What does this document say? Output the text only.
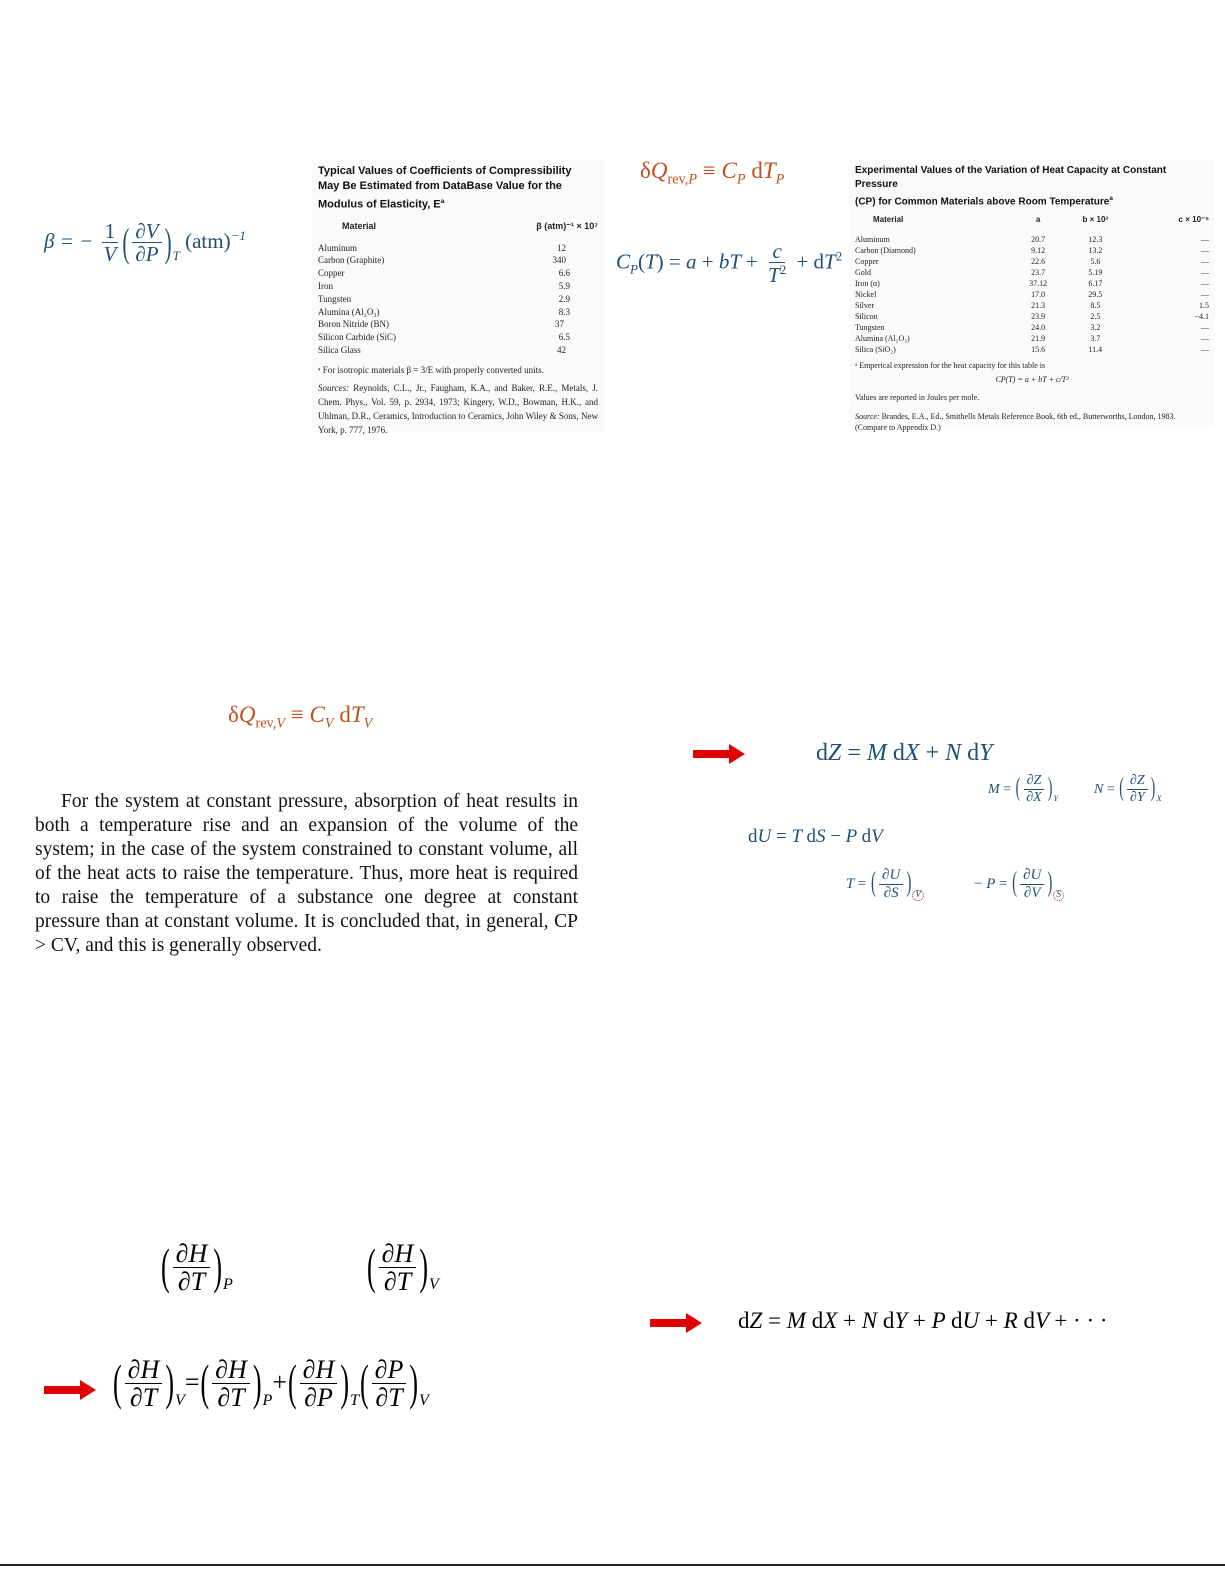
β = − $\frac{1}{V}$ ( $\frac{\partial V}{\partial P} )_T$ (atm)$^{-1}$
Typical Values of Coefficients of Compressibility
May Be Estimated from DataBase Value for the
Modulus of Elasticity, $E^a$
Material	β (atm)⁻¹ × 10⁷
Aluminum	12
Carbon (Graphite)	340
Copper	6.6
Iron	5.9
Tungsten	2.9
Alumina (Al₂O₃)	8.3
Boron Nitride (BN)	37
Silicon Carbide (SiC)	6.5
Silica Glass	42
ᵃ For isotropic materials β = 3/E with properly converted units.
Sources: Reynolds, C.L., Jr., Faugham, K.A., and Baker, R.E., Metals, J. Chem. Phys., Vol. 59, p. 2934, 1973; Kingery, W.D., Bowman, H.K., and Uhlman, D.R., Ceramics, Introduction to Ceramics, John Wiley & Sons, New York, p. 777, 1976.
$\delta Q_{rev,P} \equiv C_P$ $dT_P$
$C_P(T) = a$ + bT + $\frac{c}{T^2} + dT^2$
Experimental Values of the Variation of Heat Capacity at Constant Pressure
(CP) for Common Materials above Room Temperature$^a$
Material	a	b × 10³	c × 10⁻⁵
Aluminum	20.7	12.3	—
Carbon (Diamond)	9.12	13.2	—
Copper	22.6	5.6	—
Gold	23.7	5.19	—
Iron (α)	37.12	6.17	—
Nickel	17.0	29.5	—
Silver	21.3	8.5	1.5
Silicon	23.9	2.5	−4.1
Tungsten	24.0	3.2	—
Alumina (Al₂O₃)	21.9	3.7	—
Silica (SiO₂)	15.6	11.4	—
ᵃ Emperical expression for the heat capacity for this table is
CP(T) = a + bT + c/T²
Values are reported in Joules per mole.
Source: Brandes, E.A., Ed., Smithells Metals Reference Book, 6th ed., Butterworths, London, 1983. (Compare to Appendix D.)
$\delta Q_{rev,V} \equiv C_V$ $dT_V$
For the system at constant pressure, absorption of heat results in both a temperature rise and an expansion of the volume of the system; in the case of the system constrained to constant volume, all of the heat acts to raise the temperature. Thus, more heat is required to raise the temperature of a substance one degree at constant pressure than at constant volume. It is concluded that, in general, CP > CV, and this is generally observed.
dZ = M dX + N dY
M = ( $\frac{\partial Z}{\partial X} )_Y$
N = ( $\frac{\partial Z}{\partial Y} )_X$
dU = T dS − P dV
T = ( $\frac{\partial U}{\partial S}$ ) $_V$
− P = ( $\frac{\partial U}{\partial V}$ ) $_S$
( $\frac{\partial H}{\partial T} )_P$	( $\frac{\partial H}{\partial T} )_V$
( $\frac{\partial H}{\partial T} )_V=( \frac{\partial H}{\partial T} )_P+( \frac{\partial H}{\partial P} )_T( \frac{\partial P}{\partial T} )_V$
dZ = M dX + N dY + P dU + R dV + · · ·
